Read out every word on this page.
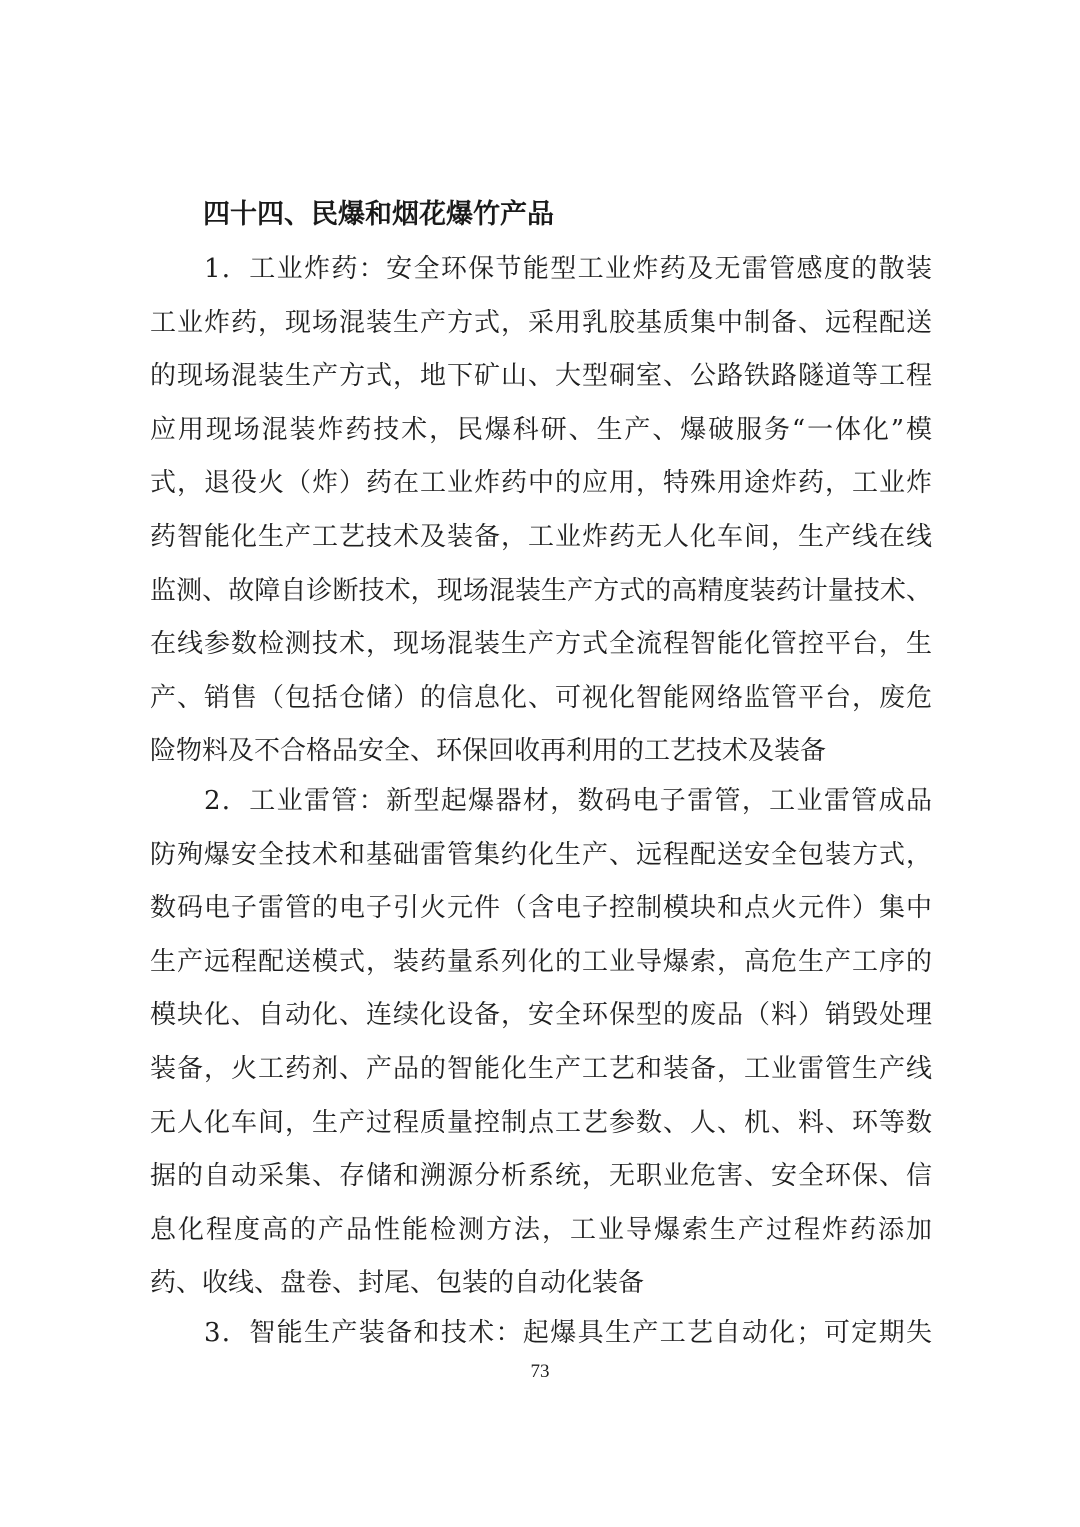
四十四、民爆和烟花爆竹产品
1．工业炸药：安全环保节能型工业炸药及无雷管感度的散装
工业炸药，现场混装生产方式，采用乳胶基质集中制备、远程配送
的现场混装生产方式，地下矿山、大型硐室、公路铁路隧道等工程
应用现场混装炸药技术，民爆科研、生产、爆破服务“一体化”模
式，退役火（炸）药在工业炸药中的应用，特殊用途炸药，工业炸
药智能化生产工艺技术及装备，工业炸药无人化车间，生产线在线
监测、故障自诊断技术，现场混装生产方式的高精度装药计量技术、
在线参数检测技术，现场混装生产方式全流程智能化管控平台，生
产、销售（包括仓储）的信息化、可视化智能网络监管平台，废危
险物料及不合格品安全、环保回收再利用的工艺技术及装备
2．工业雷管：新型起爆器材，数码电子雷管，工业雷管成品
防殉爆安全技术和基础雷管集约化生产、远程配送安全包装方式，
数码电子雷管的电子引火元件（含电子控制模块和点火元件）集中
生产远程配送模式，装药量系列化的工业导爆索，高危生产工序的
模块化、自动化、连续化设备，安全环保型的废品（料）销毁处理
装备，火工药剂、产品的智能化生产工艺和装备，工业雷管生产线
无人化车间，生产过程质量控制点工艺参数、人、机、料、环等数
据的自动采集、存储和溯源分析系统，无职业危害、安全环保、信
息化程度高的产品性能检测方法，工业导爆索生产过程炸药添加
药、收线、盘卷、封尾、包装的自动化装备
3．智能生产装备和技术：起爆具生产工艺自动化；可定期失
73
